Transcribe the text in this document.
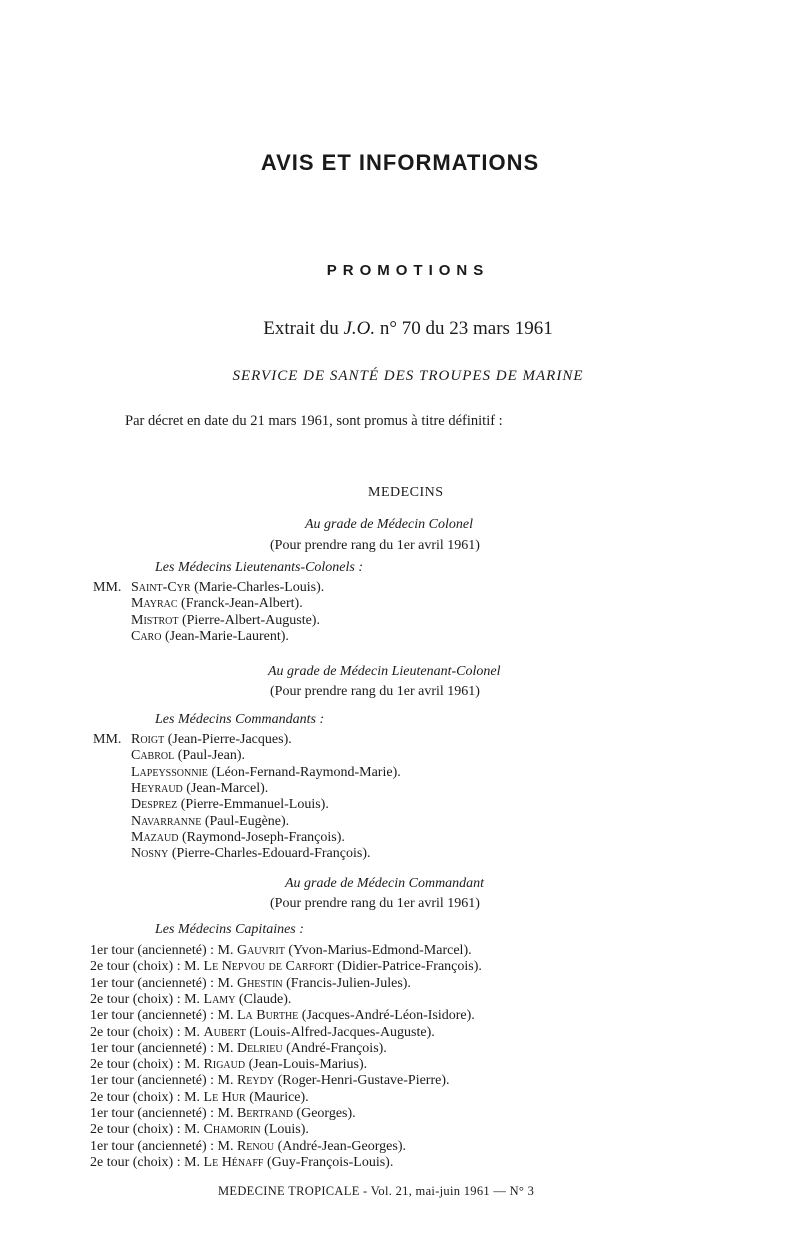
AVIS ET INFORMATIONS
PROMOTIONS
Extrait du J.O. n° 70 du 23 mars 1961
SERVICE DE SANTÉ DES TROUPES DE MARINE
Par décret en date du 21 mars 1961, sont promus à titre définitif :
MEDECINS
Au grade de Médecin Colonel
(Pour prendre rang du 1er avril 1961)
Les Médecins Lieutenants-Colonels :
MM. Saint-Cyr (Marie-Charles-Louis).
Mayrac (Franck-Jean-Albert).
Mistrot (Pierre-Albert-Auguste).
Caro (Jean-Marie-Laurent).
Au grade de Médecin Lieutenant-Colonel
(Pour prendre rang du 1er avril 1961)
Les Médecins Commandants :
MM. Roigt (Jean-Pierre-Jacques).
Cabrol (Paul-Jean).
Lapeyssonnie (Léon-Fernand-Raymond-Marie).
Heyraud (Jean-Marcel).
Desprez (Pierre-Emmanuel-Louis).
Navarranne (Paul-Eugène).
Mazaud (Raymond-Joseph-François).
Nosny (Pierre-Charles-Edouard-François).
Au grade de Médecin Commandant
(Pour prendre rang du 1er avril 1961)
Les Médecins Capitaines :
1er tour (ancienneté) : M. Gauvrit (Yvon-Marius-Edmond-Marcel).
2e tour (choix) : M. Le Nepvou de Carfort (Didier-Patrice-François).
1er tour (ancienneté) : M. Ghestin (Francis-Julien-Jules).
2e tour (choix) : M. Lamy (Claude).
1er tour (ancienneté) : M. La Burthe (Jacques-André-Léon-Isidore).
2e tour (choix) : M. Aubert (Louis-Alfred-Jacques-Auguste).
1er tour (ancienneté) : M. Delrieu (André-François).
2e tour (choix) : M. Rigaud (Jean-Louis-Marius).
1er tour (ancienneté) : M. Reydy (Roger-Henri-Gustave-Pierre).
2e tour (choix) : M. Le Hur (Maurice).
1er tour (ancienneté) : M. Bertrand (Georges).
2e tour (choix) : M. Chamorin (Louis).
1er tour (ancienneté) : M. Renou (André-Jean-Georges).
2e tour (choix) : M. Le Hénaff (Guy-François-Louis).
MEDECINE TROPICALE - Vol. 21, mai-juin 1961 — N° 3
